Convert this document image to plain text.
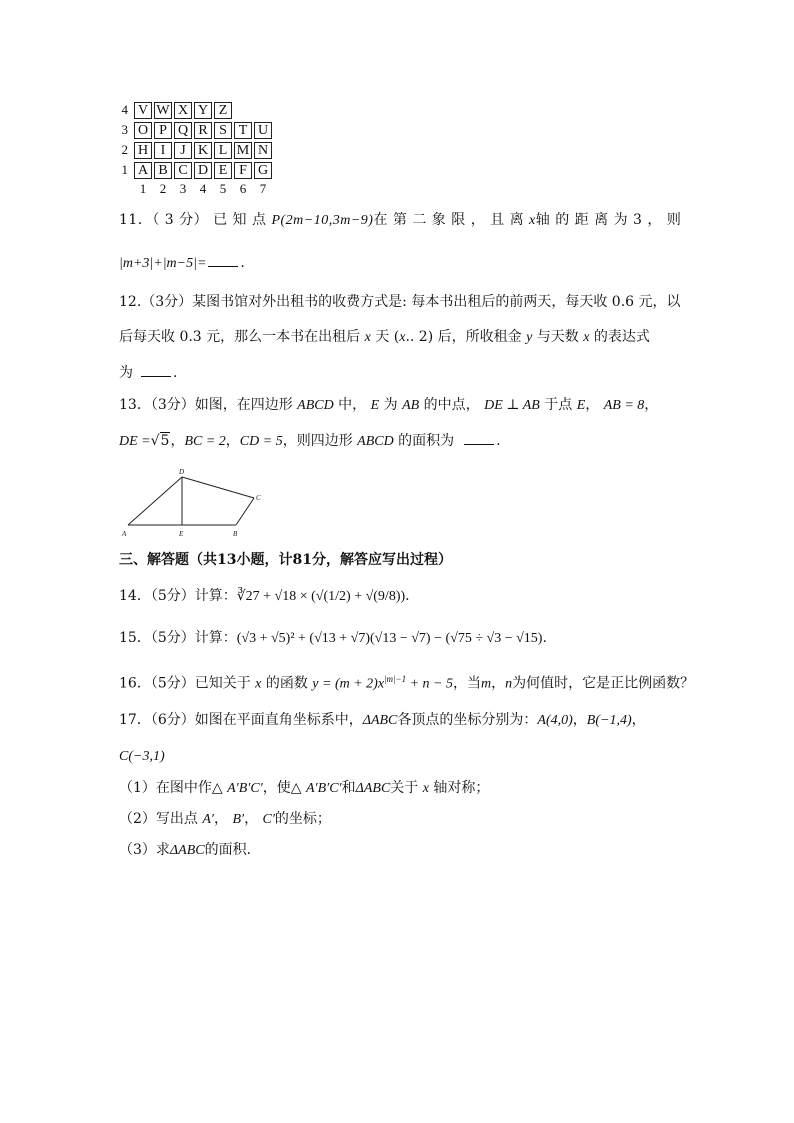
4 V W X Y Z
3 O P Q R S T U
2 H I	J K L M N
1 A B C D E F G
1	2	3	4	5	6	7
11．（ 3 分） 已 知 点 P(2m−10,3m−9)在 第 二 象 限 ， 且 离 x轴 的 距 离 为 3 ， 则
|m+3|+|m−5|= .
12.（3分）某图书馆对外出租书的收费方式是: 每本书出租后的前两天，每天收 0.6 元，以
后每天收 0.3 元，那么一本书在出租后 x 天 (x.. 2) 后，所收租金 y 与天数 x 的表达式
为	.
13．（3分）如图，在四边形 ABCD 中， E 为 AB 的中点， DE ⊥ AB 于点 E， AB = 8，
DE =√5，BC = 2，CD = 5，则四边形 ABCD 的面积为	.
A	E	B
C
D
三、解答题（共13小题，计81分，解答应写出过程）
14．（5分）计算：∛27 + √18 × (√(1/2) + √(9/8)).
15．（5分）计算：(√3 + √5)² + (√13 + √7)(√13 − √7) − (√75 ÷ √3 − √15).
16．（5分）已知关于 x 的函数 $y = (m + 2)x^{|m|-1} + n - 5$，当m，n为何值时，它是正比例函数？
17．（6分）如图在平面直角坐标系中，ΔABC各顶点的坐标分别为：A(4,0)，B(−1,4)，
C(−3,1)
（1）在图中作△ A′B′C′，使△ A′B′C′和ΔABC关于 x 轴对称；
（2）写出点 A′， B′， C′的坐标；
（3）求ΔABC的面积.
